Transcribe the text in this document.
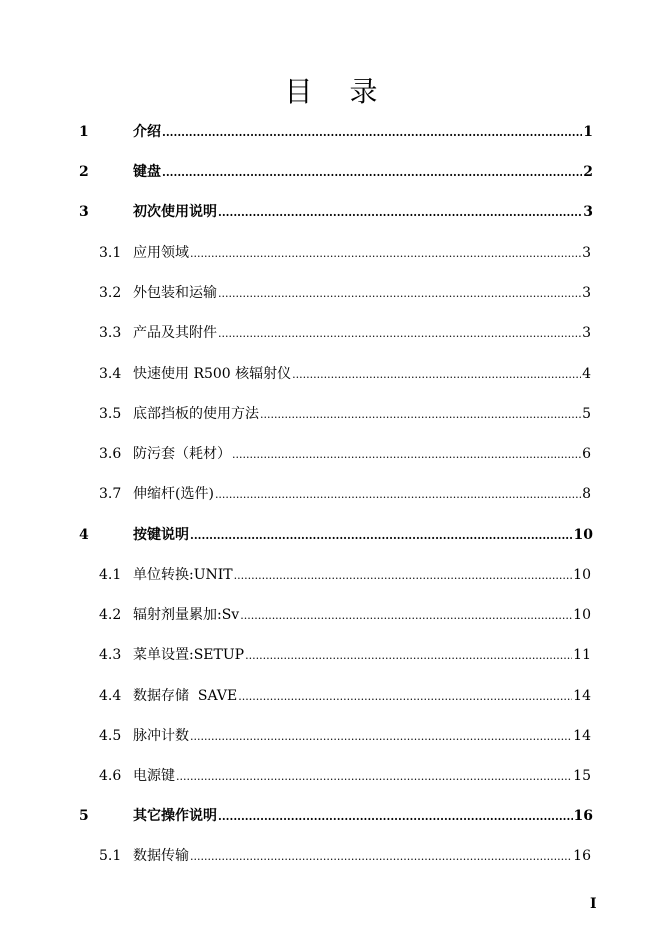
目 录
1	介绍 .....	1
2	键盘 .....	2
3	初次使用说明 .....	3
3.1 应用领域 .....	3
3.2 外包装和运输 .....	3
3.3 产品及其附件 .....	3
3.4 快速使用 R500 核辐射仪 .....	4
3.5 底部挡板的使用方法 .....	5
3.6 防污套（耗材） .....	6
3.7 伸缩杆(选件) .....	8
4	按键说明 .....	10
4.1 单位转换:UNIT .....	10
4.2 辐射剂量累加:Sv .....	10
4.3 菜单设置:SETUP .....	11
4.4 数据存储  SAVE .....	14
4.5 脉冲计数 .....	14
4.6 电源键 .....	15
5	其它操作说明 .....	16
5.1 数据传输 .....	16
I
